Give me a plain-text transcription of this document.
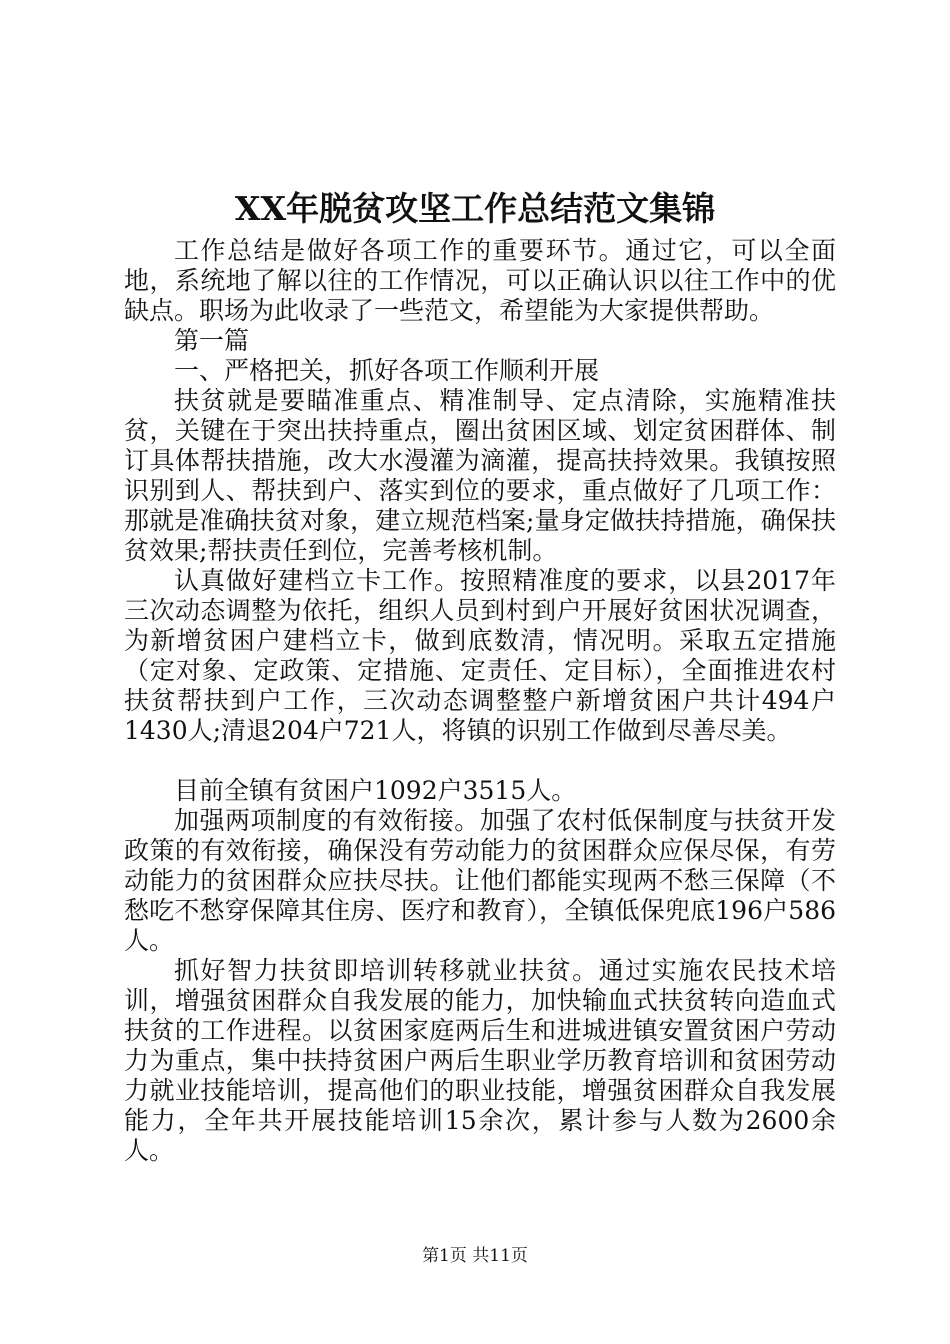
XX年脱贫攻坚工作总结范文集锦

工作总结是做好各项工作的重要环节。通过它，可以全面地，系统地了解以往的工作情况，可以正确认识以往工作中的优缺点。职场为此收录了一些范文，希望能为大家提供帮助。

第一篇

一、严格把关，抓好各项工作顺利开展

扶贫就是要瞄准重点、精准制导、定点清除，实施精准扶贫，关键在于突出扶持重点，圈出贫困区域、划定贫困群体、制订具体帮扶措施，改大水漫灌为滴灌，提高扶持效果。我镇按照识别到人、帮扶到户、落实到位的要求，重点做好了几项工作：那就是准确扶贫对象，建立规范档案;量身定做扶持措施，确保扶贫效果;帮扶责任到位，完善考核机制。

认真做好建档立卡工作。按照精准度的要求，以县2017年三次动态调整为依托，组织人员到村到户开展好贫困状况调查，为新增贫困户建档立卡，做到底数清，情况明。采取五定措施（定对象、定政策、定措施、定责任、定目标），全面推进农村扶贫帮扶到户工作，三次动态调整整户新增贫困户共计494户1430人;清退204户721人，将镇的识别工作做到尽善尽美。

目前全镇有贫困户1092户3515人。

加强两项制度的有效衔接。加强了农村低保制度与扶贫开发政策的有效衔接，确保没有劳动能力的贫困群众应保尽保，有劳动能力的贫困群众应扶尽扶。让他们都能实现两不愁三保障（不愁吃不愁穿保障其住房、医疗和教育），全镇低保兜底196户586人。

抓好智力扶贫即培训转移就业扶贫。通过实施农民技术培训，增强贫困群众自我发展的能力，加快输血式扶贫转向造血式扶贫的工作进程。以贫困家庭两后生和进城进镇安置贫困户劳动力为重点，集中扶持贫困户两后生职业学历教育培训和贫困劳动力就业技能培训，提高他们的职业技能，增强贫困群众自我发展能力，全年共开展技能培训15余次，累计参与人数为2600余人。

第1页 共11页
